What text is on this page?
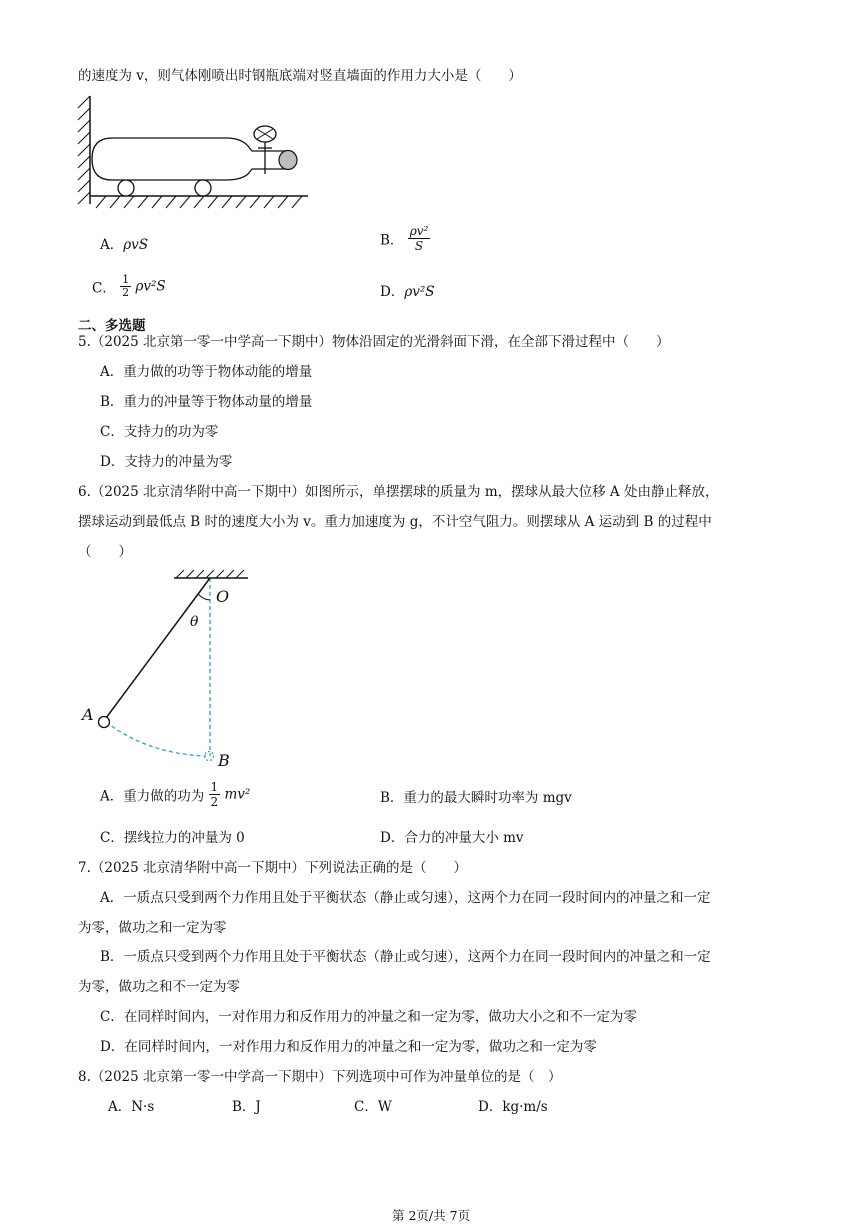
的速度为 v，则气体刚喷出时钢瓶底端对竖直墙面的作用力大小是（　　）
A．ρvS	B． $\frac{\text{ρv²}}{S}$
C． $\frac{1}{2} \rho v^2S$	D．ρv²S
二、多选题
5.（2025 北京第一零一中学高一下期中）物体沿固定的光滑斜面下滑，在全部下滑过程中（　　）
A．重力做的功等于物体动能的增量
B．重力的冲量等于物体动量的增量
C．支持力的功为零
D．支持力的冲量为零
6.（2025 北京清华附中高一下期中）如图所示，单摆摆球的质量为 m，摆球从最大位移 A 处由静止释放，
摆球运动到最低点 B 时的速度大小为 v。重力加速度为 g，不计空气阻力。则摆球从 A 运动到 B 的过程中
（　　）
O
θ
A
B
A．重力做的功为 $\frac{1}{2} mv^2$	B．重力的最大瞬时功率为 mgv
C．摆线拉力的冲量为 0	D．合力的冲量大小 mv
7.（2025 北京清华附中高一下期中）下列说法正确的是（　　）
A．一质点只受到两个力作用且处于平衡状态（静止或匀速），这两个力在同一段时间内的冲量之和一定
为零，做功之和一定为零
B．一质点只受到两个力作用且处于平衡状态（静止或匀速），这两个力在同一段时间内的冲量之和一定
为零，做功之和不一定为零
C．在同样时间内，一对作用力和反作用力的冲量之和一定为零，做功大小之和不一定为零
D．在同样时间内，一对作用力和反作用力的冲量之和一定为零，做功之和一定为零
8.（2025 北京第一零一中学高一下期中）下列选项中可作为冲量单位的是（　）
A．N·s	B．J	C．W	D．kg·m/s
第 2页/共 7页
